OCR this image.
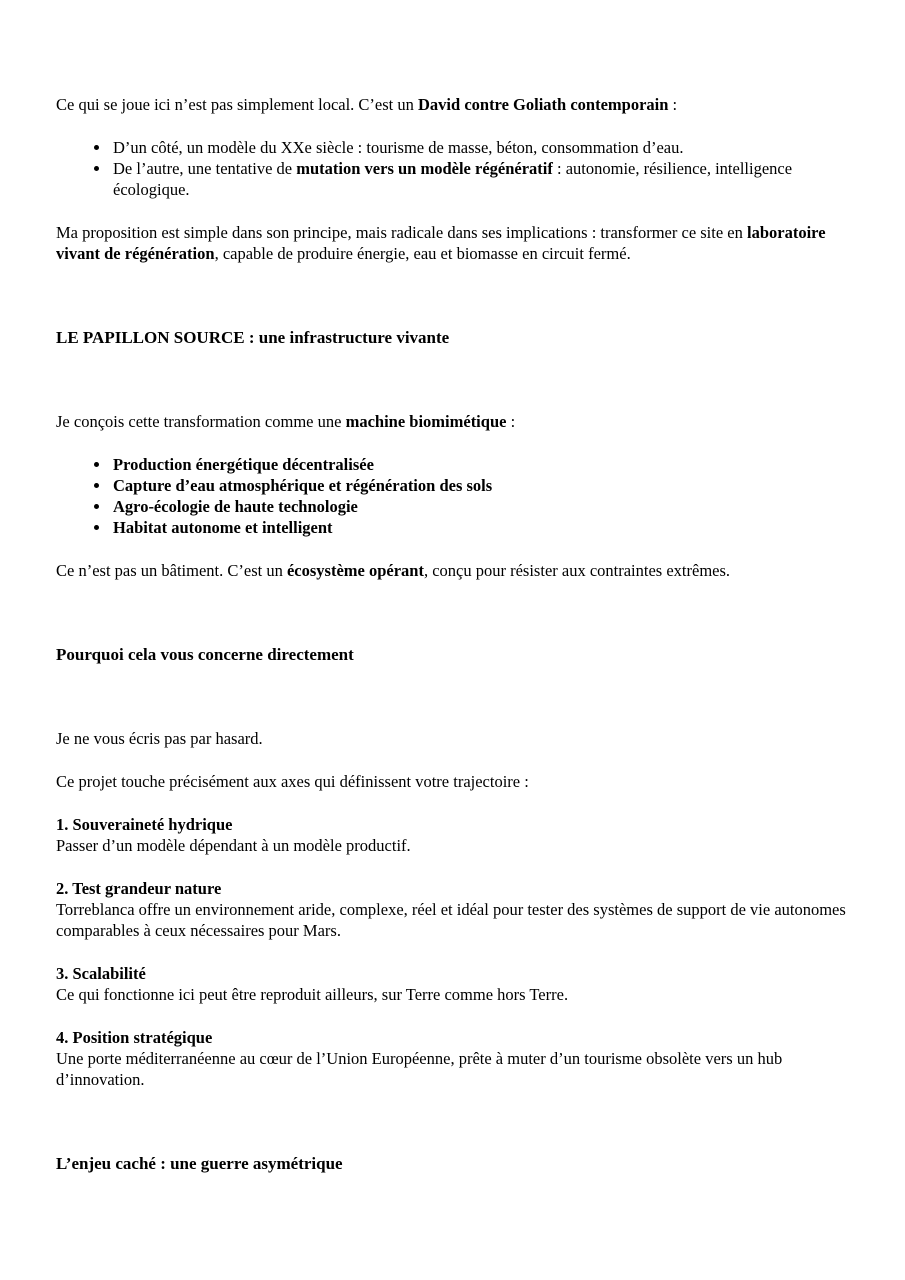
Ce qui se joue ici n’est pas simplement local. C’est un David contre Goliath contemporain :

• D’un côté, un modèle du XXe siècle : tourisme de masse, béton, consommation d’eau.
• De l’autre, une tentative de mutation vers un modèle régénératif : autonomie, résilience, intelligence écologique.

Ma proposition est simple dans son principe, mais radicale dans ses implications : transformer ce site en laboratoire vivant de régénération, capable de produire énergie, eau et biomasse en circuit fermé.

LE PAPILLON SOURCE : une infrastructure vivante

Je conçois cette transformation comme une machine biomimétique :

• Production énergétique décentralisée
• Capture d’eau atmosphérique et régénération des sols
• Agro-écologie de haute technologie
• Habitat autonome et intelligent

Ce n’est pas un bâtiment. C’est un écosystème opérant, conçu pour résister aux contraintes extrêmes.

Pourquoi cela vous concerne directement

Je ne vous écris pas par hasard.

Ce projet touche précisément aux axes qui définissent votre trajectoire :

1. Souveraineté hydrique
Passer d’un modèle dépendant à un modèle productif.

2. Test grandeur nature
Torreblanca offre un environnement aride, complexe, réel et idéal pour tester des systèmes de support de vie autonomes comparables à ceux nécessaires pour Mars.

3. Scalabilité
Ce qui fonctionne ici peut être reproduit ailleurs, sur Terre comme hors Terre.

4. Position stratégique
Une porte méditerranéenne au cœur de l’Union Européenne, prête à muter d’un tourisme obsolète vers un hub d’innovation.

L’enjeu caché : une guerre asymétrique
